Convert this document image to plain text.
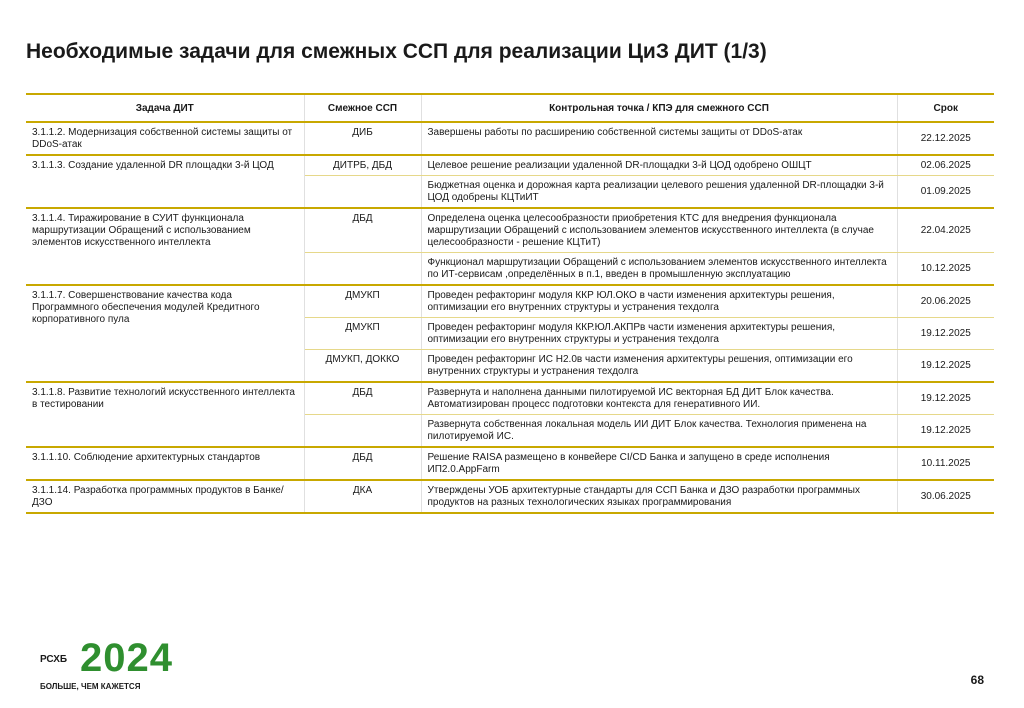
Необходимые задачи для смежных ССП для реализации ЦиЗ ДИТ (1/3)
Задача ДИТ	Смежное ССП	Контрольная точка / КПЭ для смежного ССП	Срок
3.1.1.2. Модернизация собственной системы защиты от DDoS-атак	ДИБ	Завершены работы по расширению собственной системы защиты от DDoS-атак	22.12.2025
3.1.1.3. Создание удаленной DR площадки 3-й ЦОД	ДИТРБ, ДБД	Целевое решение реализации удаленной DR-площадки 3-й ЦОД одобрено ОШЦТ	02.06.2025
		Бюджетная оценка и дорожная карта реализации целевого решения удаленной DR-площадки 3-й ЦОД одобрены КЦТиИТ	01.09.2025
3.1.1.4. Тиражирование в СУИТ функционала маршрутизации Обращений с использованием элементов искусственного интеллекта	ДБД	Определена оценка целесообразности приобретения КТС для внедрения функционала маршрутизации Обращений с использованием элементов искусственного интеллекта (в случае целесообразности - решение КЦТиТ)	22.04.2025
		Функционал маршрутизации Обращений с использованием элементов искусственного интеллекта по ИТ-сервисам ,определённых в п.1, введен в промышленную эксплуатацию	10.12.2025
3.1.1.7. Совершенствование качества кода Программного обеспечения модулей Кредитного корпоративного пула	ДМУКП	Проведен рефакторинг модуля ККР ЮЛ.ОКО в части изменения архитектуры решения, оптимизации его внутренних структуры и устранения техдолга	20.06.2025
	ДМУКП	Проведен рефакторинг модуля ККР.ЮЛ.АКПРв части изменения архитектуры решения, оптимизации его внутренних структуры и устранения техдолга	19.12.2025
	ДМУКП, ДОККО	Проведен рефакторинг ИС Н2.0в части изменения архитектуры решения, оптимизации его внутренних структуры и устранения техдолга	19.12.2025
3.1.1.8. Развитие технологий искусственного интеллекта в тестировании	ДБД	Развернута и наполнена данными пилотируемой ИС векторная БД ДИТ Блок качества. Автоматизирован процесс подготовки контекста для генеративного ИИ.	19.12.2025
		Развернута собственная локальная модель ИИ ДИТ Блок качества. Технология применена на пилотируемой ИС.	19.12.2025
3.1.1.10. Соблюдение архитектурных стандартов	ДБД	Решение RAISA размещено в конвейере CI/CD Банка и запущено в среде исполнения ИП2.0.AppFarm	10.11.2025
3.1.1.14. Разработка программных продуктов в Банке/ДЗО	ДКА	Утверждены УОБ архитектурные стандарты для ССП Банка и ДЗО разработки программных продуктов на разных технологических языках программирования	30.06.2025
РСХБ 2024
БОЛЬШЕ, ЧЕМ КАЖЕТСЯ	68
